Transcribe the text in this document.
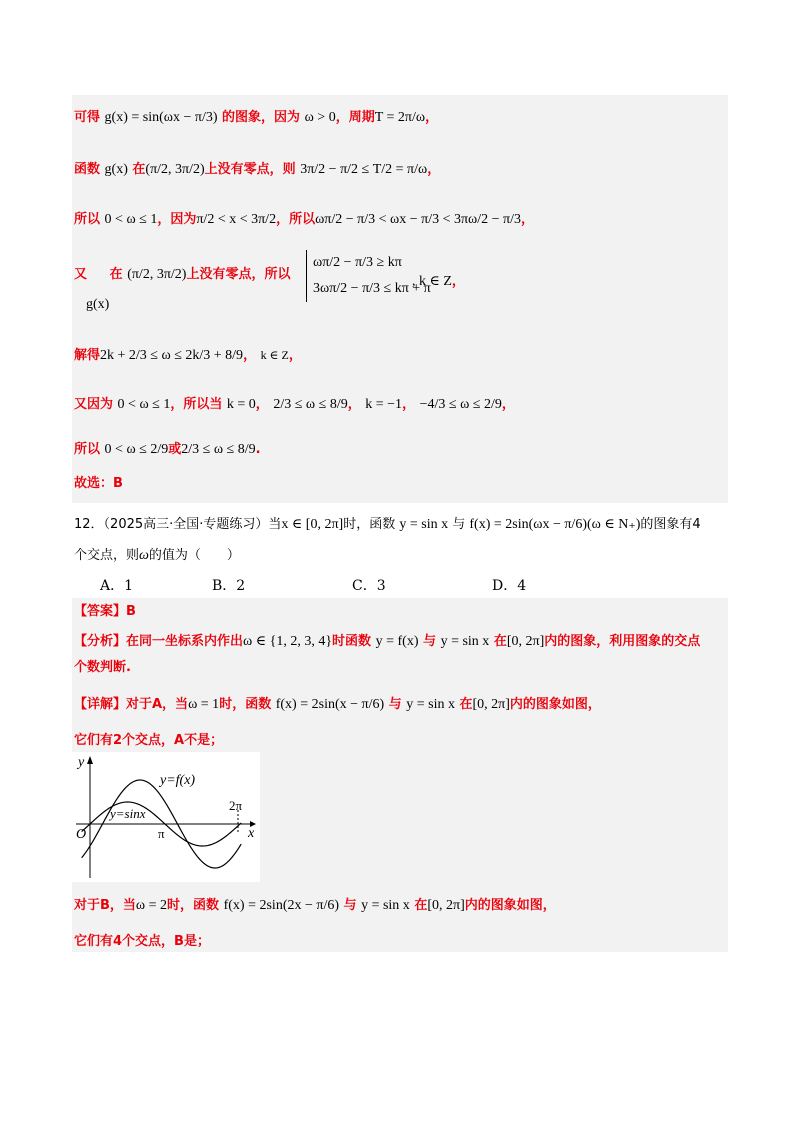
可得 g(x) = sin(ωx − π/3) 的图象，因为 ω > 0，周期T = 2π/ω，
函数 g(x) 在(π/2, 3π/2)上没有零点，则 3π/2 − π/2 ≤ T/2 = π/ω，
所以 0 < ω ≤ 1，因为π/2 < x < 3π/2，所以ωπ/2 − π/3 < ωx − π/3 < 3πω/2 − π/3，
又 在 (π/2, 3π/2)上没有零点，所以
g(x)
ωπ/2 − π/3 ≥ kπ
3ωπ/2 − π/3 ≤ kπ + π
, k ∈ Z，
解得2k + 2/3 ≤ ω ≤ 2k/3 + 8/9， k ∈ Z，
又因为 0 < ω ≤ 1，所以当 k = 0， 2/3 ≤ ω ≤ 8/9， k = −1， −4/3 ≤ ω ≤ 2/9，
所以 0 < ω ≤ 2/9或2/3 ≤ ω ≤ 8/9.
故选：B
12．（2025高三·全国·专题练习）当x ∈ [0, 2π]时，函数 y = sin x 与 f(x) = 2sin(ωx − π/6)(ω ∈ N₊)的图象有4
个交点，则ω的值为（　　）
A．1	B．2	C．3	D．4
【答案】B
【分析】在同一坐标系内作出ω ∈ {1, 2, 3, 4}时函数 y = f(x) 与 y = sin x 在[0, 2π]内的图象，利用图象的交点
个数判断.
【详解】对于A，当ω = 1时，函数 f(x) = 2sin(x − π/6) 与 y = sin x 在[0, 2π]内的图象如图，
它们有2个交点，A不是；
y
x
O
y=f(x)
y=sinx
π
2π
对于B，当ω = 2时，函数 f(x) = 2sin(2x − π/6) 与 y = sin x 在[0, 2π]内的图象如图，
它们有4个交点，B是；
